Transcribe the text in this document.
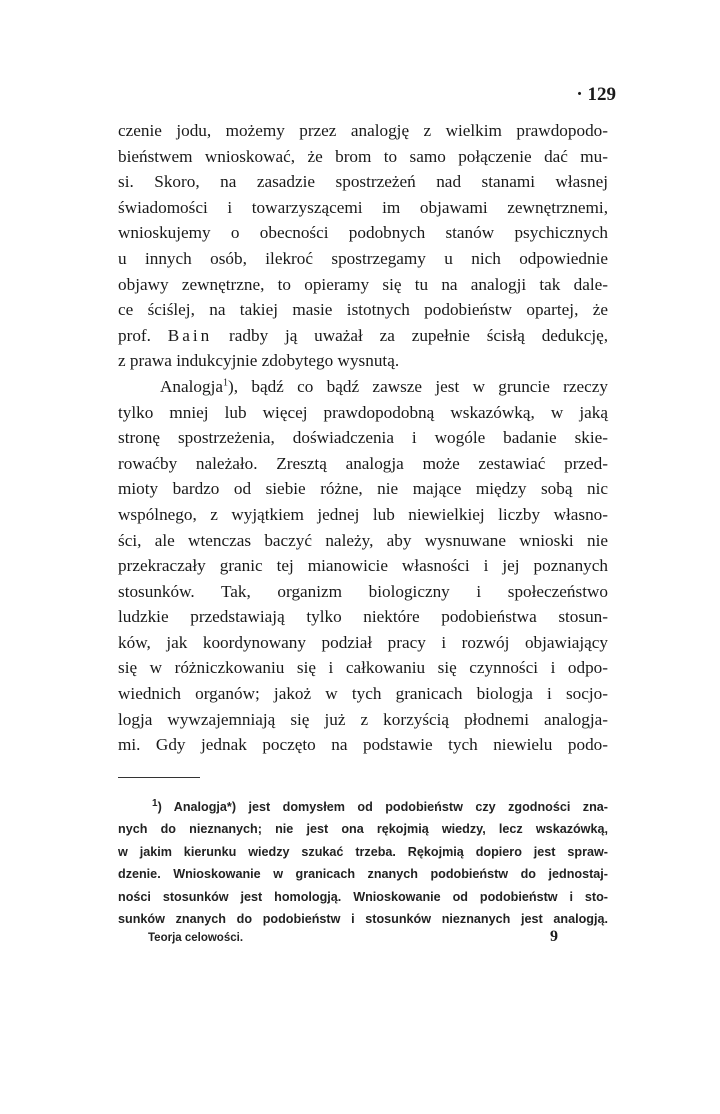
· 129
czenie jodu, możemy przez analogję z wielkim prawdopodo-
bieństwem wnioskować, że brom to samo połączenie dać mu-
si. Skoro, na zasadzie spostrzeżeń nad stanami własnej
świadomości i towarzyszącemi im objawami zewnętrznemi,
wnioskujemy o obecności podobnych stanów psychicznych
u innych osób, ilekroć spostrzegamy u nich odpowiednie
objawy zewnętrzne, to opieramy się tu na analogji tak dale-
ce ściślej, na takiej masie istotnych podobieństw opartej, że
prof. Bain radby ją uważał za zupełnie ścisłą dedukcję,
z prawa indukcyjnie zdobytego wysnutą.
Analogja$^1$), bądź co bądź zawsze jest w gruncie rzeczy
tylko mniej lub więcej prawdopodobną wskazówką, w jaką
stronę spostrzeżenia, doświadczenia i wogóle badanie skie-
rowaćby należało. Zresztą analogja może zestawiać przed-
mioty bardzo od siebie różne, nie mające między sobą nic
wspólnego, z wyjątkiem jednej lub niewielkiej liczby własno-
ści, ale wtenczas baczyć należy, aby wysnuwane wnioski nie
przekraczały granic tej mianowicie własności i jej poznanych
stosunków. Tak, organizm biologiczny i społeczeństwo
ludzkie przedstawiają tylko niektóre podobieństwa stosun-
ków, jak koordynowany podział pracy i rozwój objawiający
się w różniczkowaniu się i całkowaniu się czynności i odpo-
wiednich organów; jakoż w tych granicach biologja i socjo-
logja wywzajemniają się już z korzyścią płodnemi analogja-
mi. Gdy jednak poczęto na podstawie tych niewielu podo-
$^1$) Analogja*) jest domysłem od podobieństw czy zgodności zna-
nych do nieznanych; nie jest ona rękojmią wiedzy, lecz wskazówką,
w jakim kierunku wiedzy szukać trzeba. Rękojmią dopiero jest spraw-
dzenie. Wnioskowanie w granicach znanych podobieństw do jednostaj-
ności stosunków jest homologją. Wnioskowanie od podobieństw i sto-
sunków znanych do podobieństw i stosunków nieznanych jest analogją.
Teorja celowości.	9
